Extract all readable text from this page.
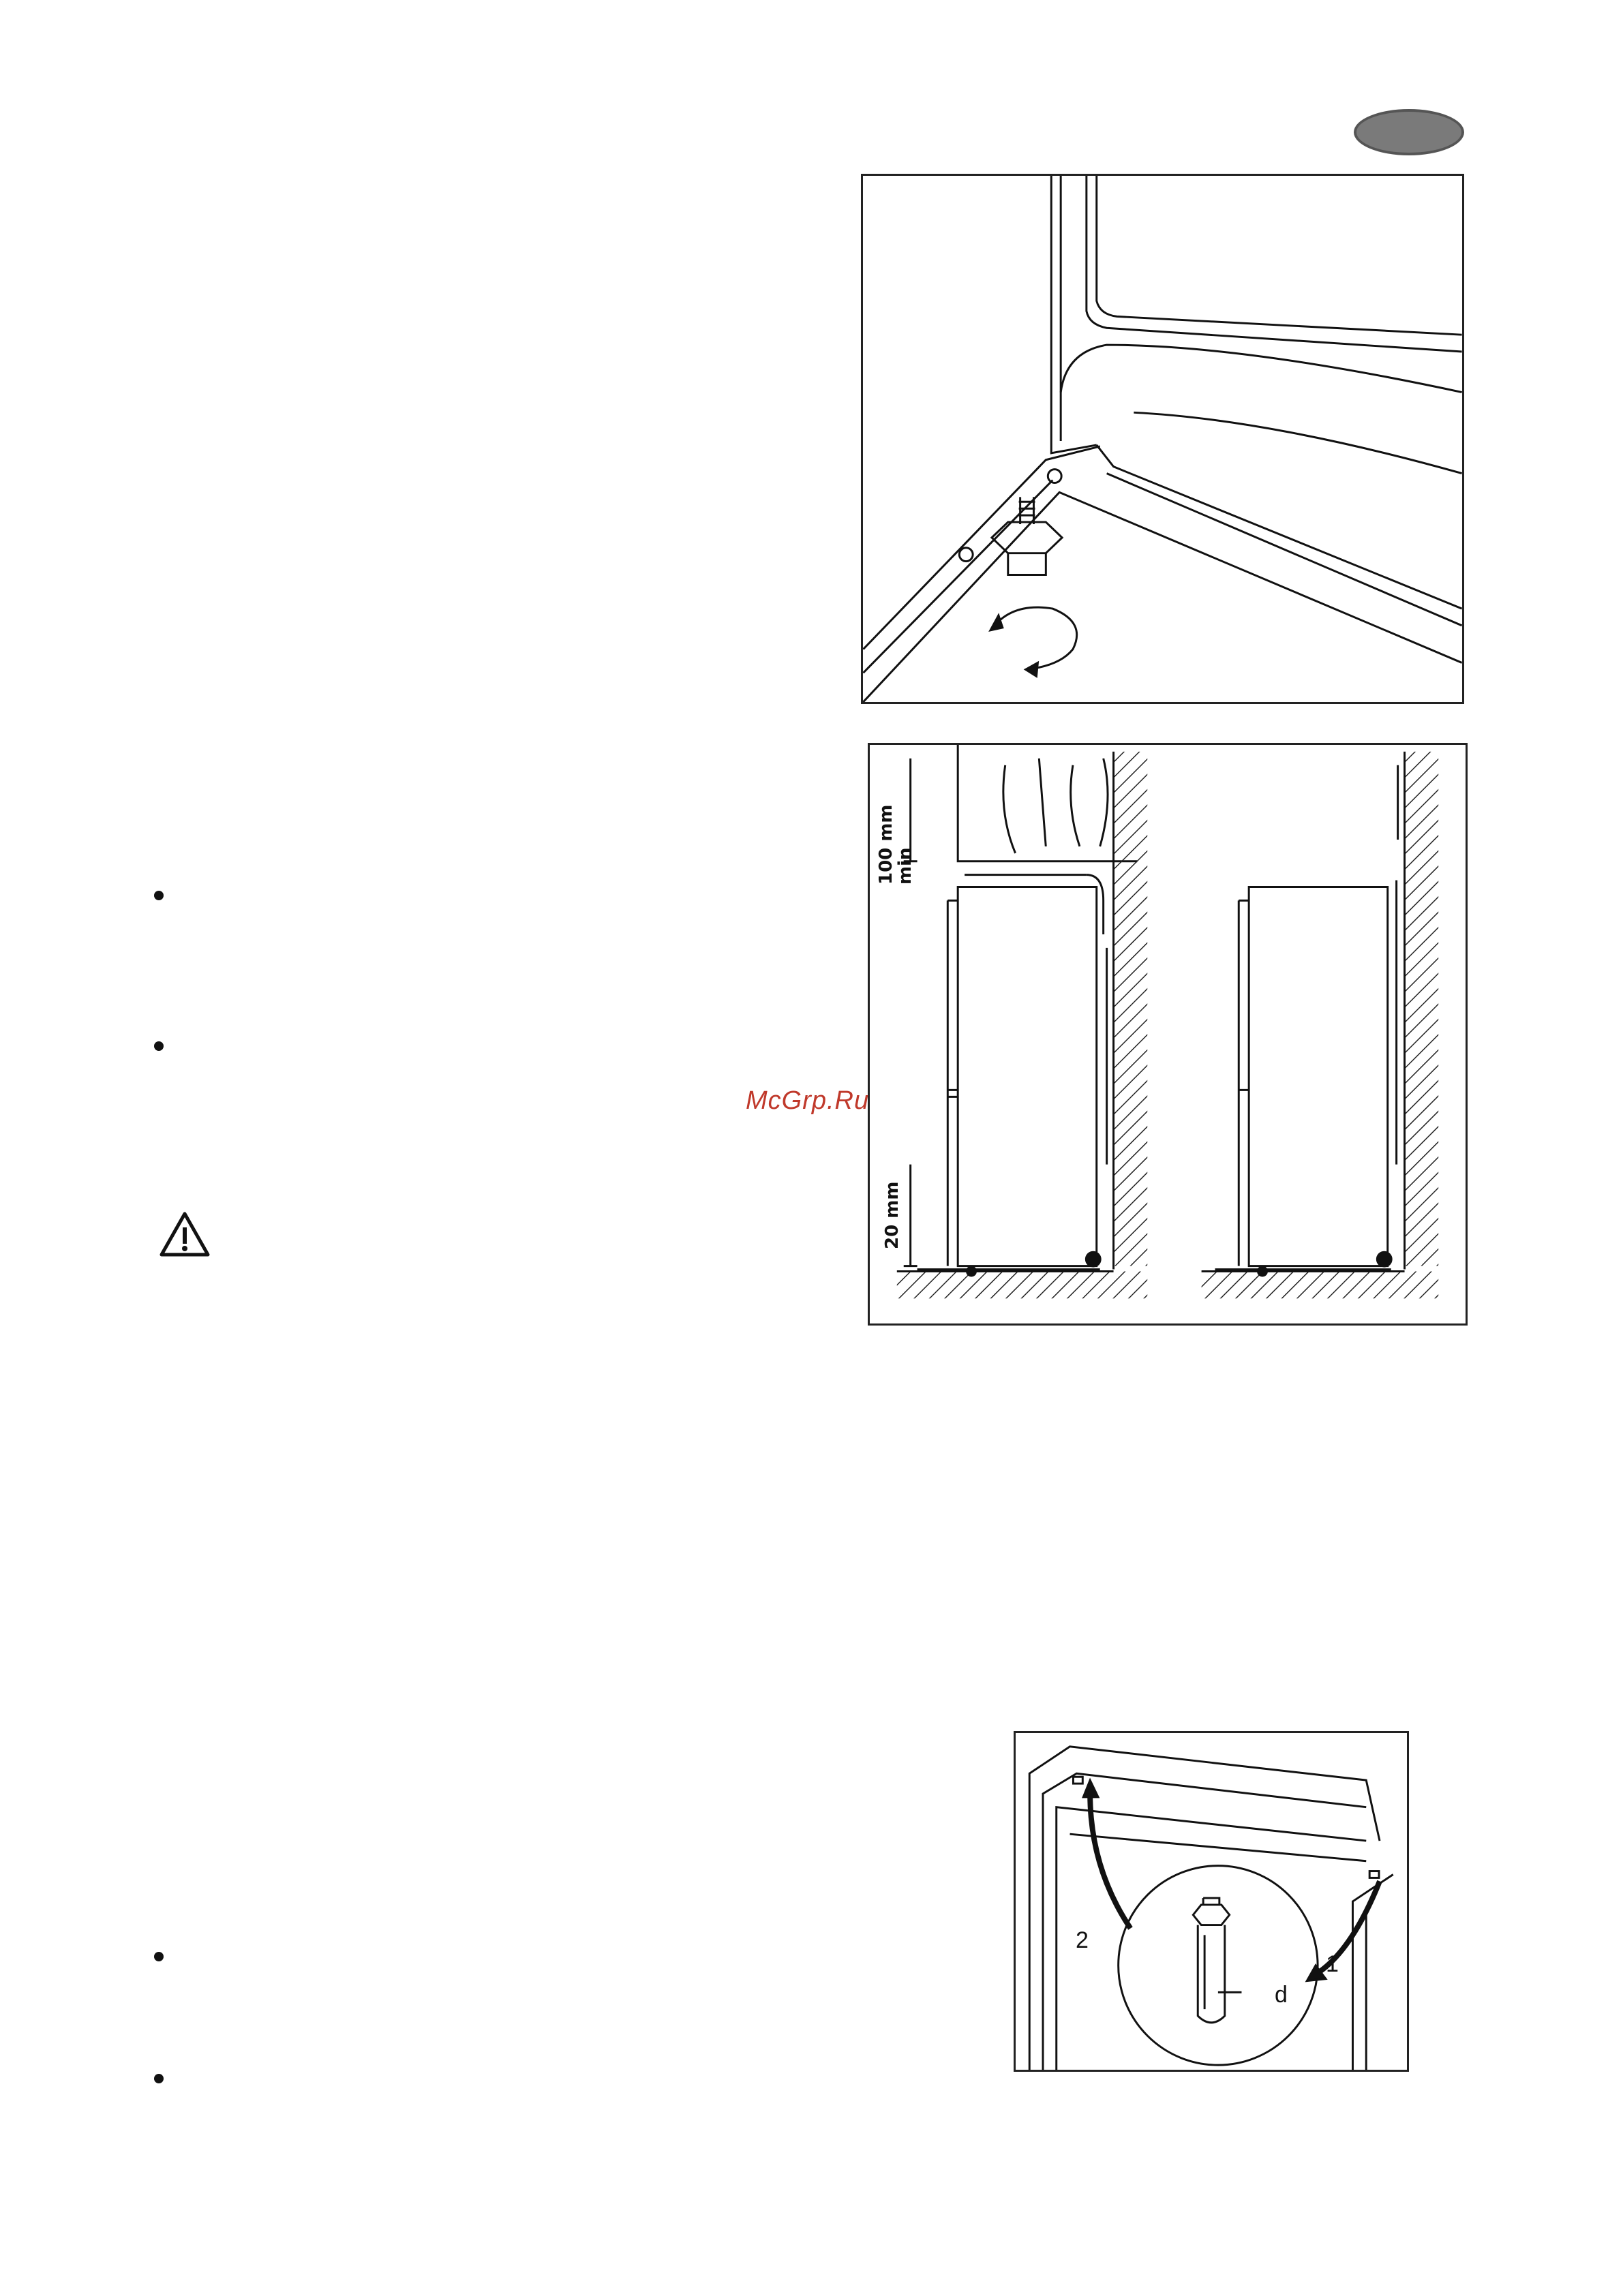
100 mm
min
20 mm
McGrp.Ru
2
1
d
